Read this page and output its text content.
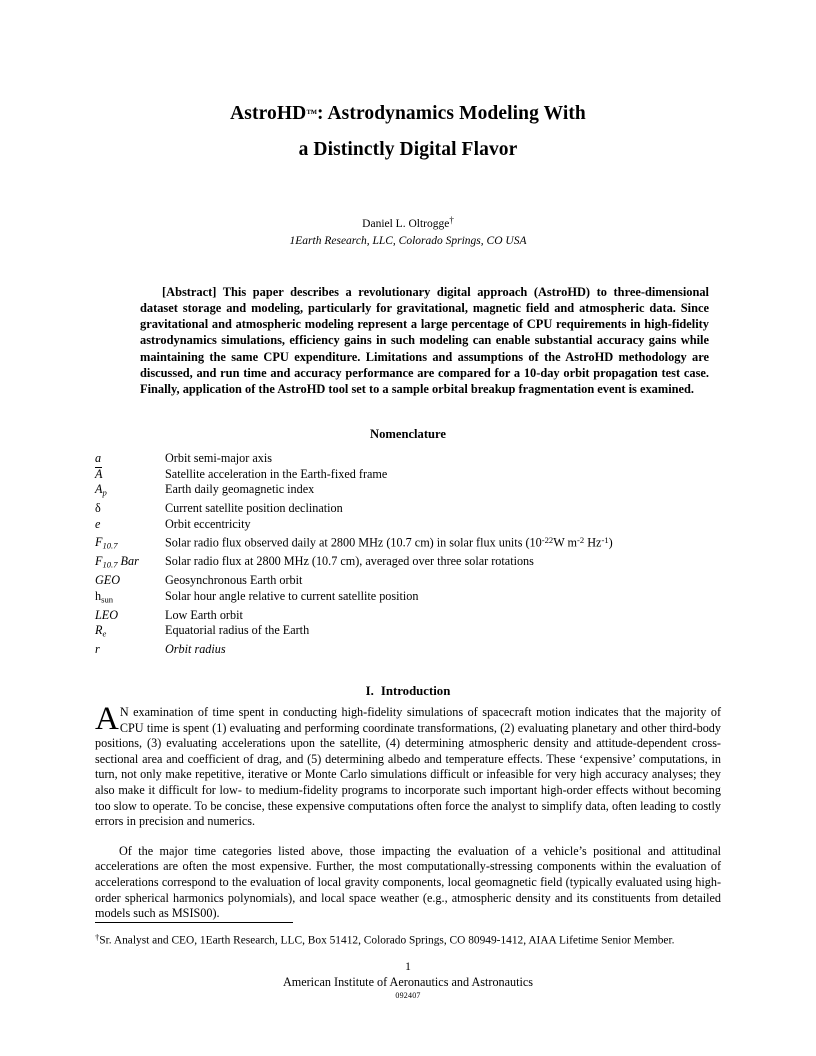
AstroHD™: Astrodynamics Modeling With
a Distinctly Digital Flavor
Daniel L. Oltrogge†
1Earth Research, LLC, Colorado Springs, CO USA
[Abstract] This paper describes a revolutionary digital approach (AstroHD) to three-dimensional dataset storage and modeling, particularly for gravitational, magnetic field and atmospheric data. Since gravitational and atmospheric modeling represent a large percentage of CPU requirements in high-fidelity astrodynamics simulations, efficiency gains in such modeling can enable substantial accuracy gains while maintaining the same CPU expenditure. Limitations and assumptions of the AstroHD methodology are discussed, and run time and accuracy performance are compared for a 10-day orbit propagation test case. Finally, application of the AstroHD tool set to a sample orbital breakup fragmentation event is examined.
Nomenclature
a	Orbit semi-major axis
A	Satellite acceleration in the Earth-fixed frame
$A_p$	Earth daily geomagnetic index
δ	Current satellite position declination
e	Orbit eccentricity
$F_{10.7}$	Solar radio flux observed daily at 2800 MHz (10.7 cm) in solar flux units ($10^{-22}W$ $m^{-2}$ $Hz^{-1}$)
$F_{10.7}$ Bar	Solar radio flux at 2800 MHz (10.7 cm), averaged over three solar rotations
GEO	Geosynchronous Earth orbit
$h_{sun}$	Solar hour angle relative to current satellite position
LEO	Low Earth orbit
$R_e$	Equatorial radius of the Earth
r	Orbit radius
I. Introduction
A N examination of time spent in conducting high-fidelity simulations of spacecraft motion indicates that the majority of CPU time is spent (1) evaluating and performing coordinate transformations, (2) evaluating planetary and other third-body positions, (3) evaluating accelerations upon the satellite, (4) determining atmospheric density and attitude-dependent cross-sectional area and coefficient of drag, and (5) determining albedo and temperature effects. These ‘expensive’ computations, in turn, not only make repetitive, iterative or Monte Carlo simulations difficult or infeasible for very high accuracy analyses; they also make it difficult for low- to medium-fidelity programs to incorporate such important high-order effects without becoming too slow to operate. To be concise, these expensive computations often force the analyst to simplify data, often leading to costly errors in precision and numerics.
Of the major time categories listed above, those impacting the evaluation of a vehicle’s positional and attitudinal accelerations are often the most expensive. Further, the most computationally-stressing components within the evaluation of accelerations correspond to the evaluation of local gravity components, local geomagnetic field (typically evaluated using high-order spherical harmonics polynomials), and local space weather (e.g., atmospheric density and its constituents from detailed models such as MSIS00).
†Sr. Analyst and CEO, 1Earth Research, LLC, Box 51412, Colorado Springs, CO 80949-1412, AIAA Lifetime Senior Member.
1
American Institute of Aeronautics and Astronautics
092407
